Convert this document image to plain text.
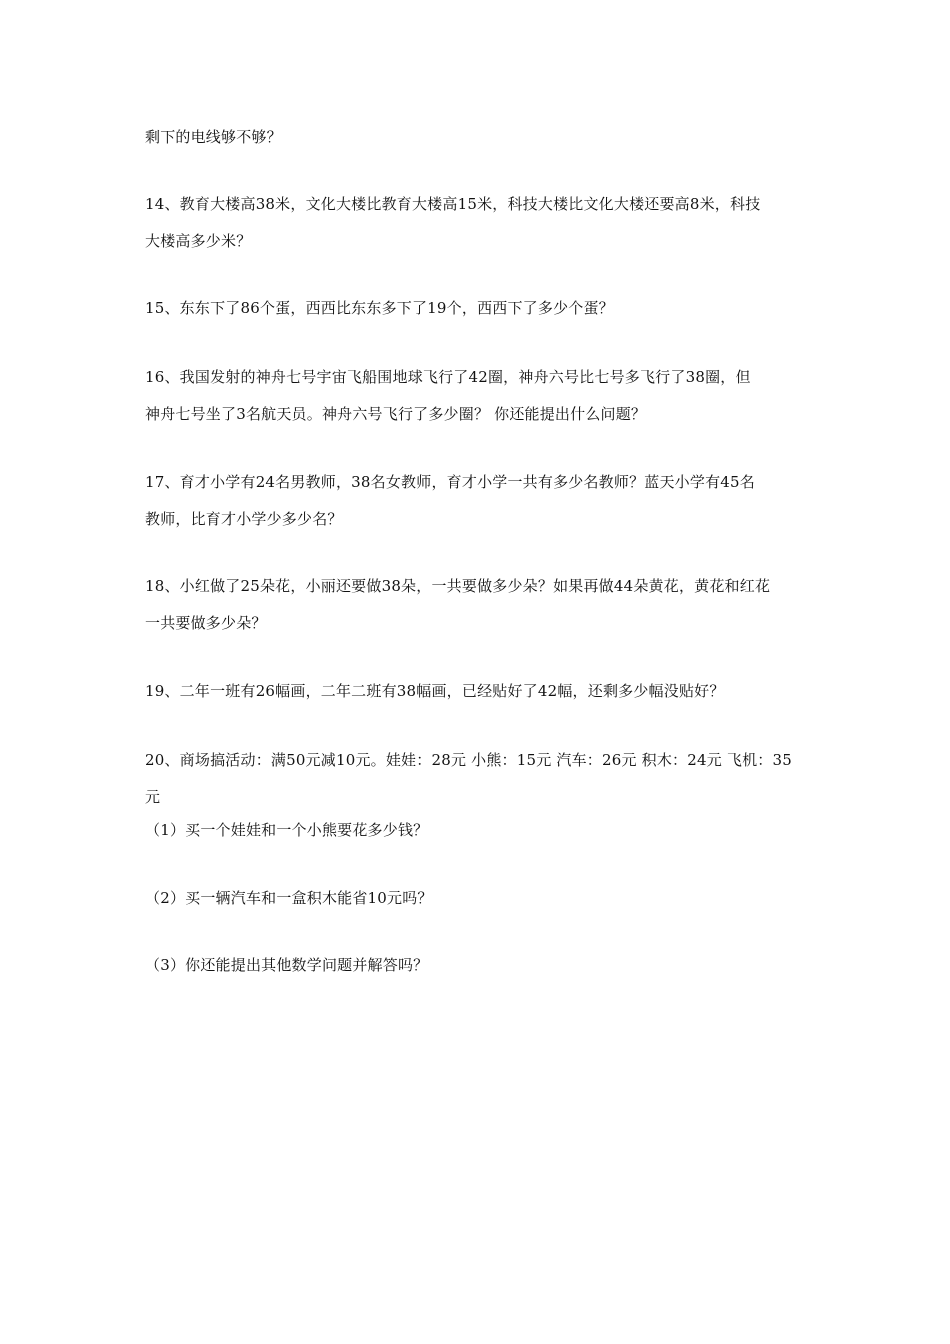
剩下的电线够不够？
14、教育大楼高38米，文化大楼比教育大楼高15米，科技大楼比文化大楼还要高8米，科技
大楼高多少米？
15、东东下了86个蛋，西西比东东多下了19个，西西下了多少个蛋？
16、我国发射的神舟七号宇宙飞船围地球飞行了42圈，神舟六号比七号多飞行了38圈，但
神舟七号坐了3名航天员。神舟六号飞行了多少圈？ 你还能提出什么问题？
17、育才小学有24名男教师，38名女教师，育才小学一共有多少名教师？蓝天小学有45名
教师，比育才小学少多少名？
18、小红做了25朵花，小丽还要做38朵，一共要做多少朵？如果再做44朵黄花，黄花和红花
一共要做多少朵？
19、二年一班有26幅画，二年二班有38幅画，已经贴好了42幅，还剩多少幅没贴好？
20、商场搞活动：满50元减10元。娃娃：28元 小熊：15元 汽车：26元 积木：24元 飞机：35
元
（1）买一个娃娃和一个小熊要花多少钱？
（2）买一辆汽车和一盒积木能省10元吗？
（3）你还能提出其他数学问题并解答吗？
